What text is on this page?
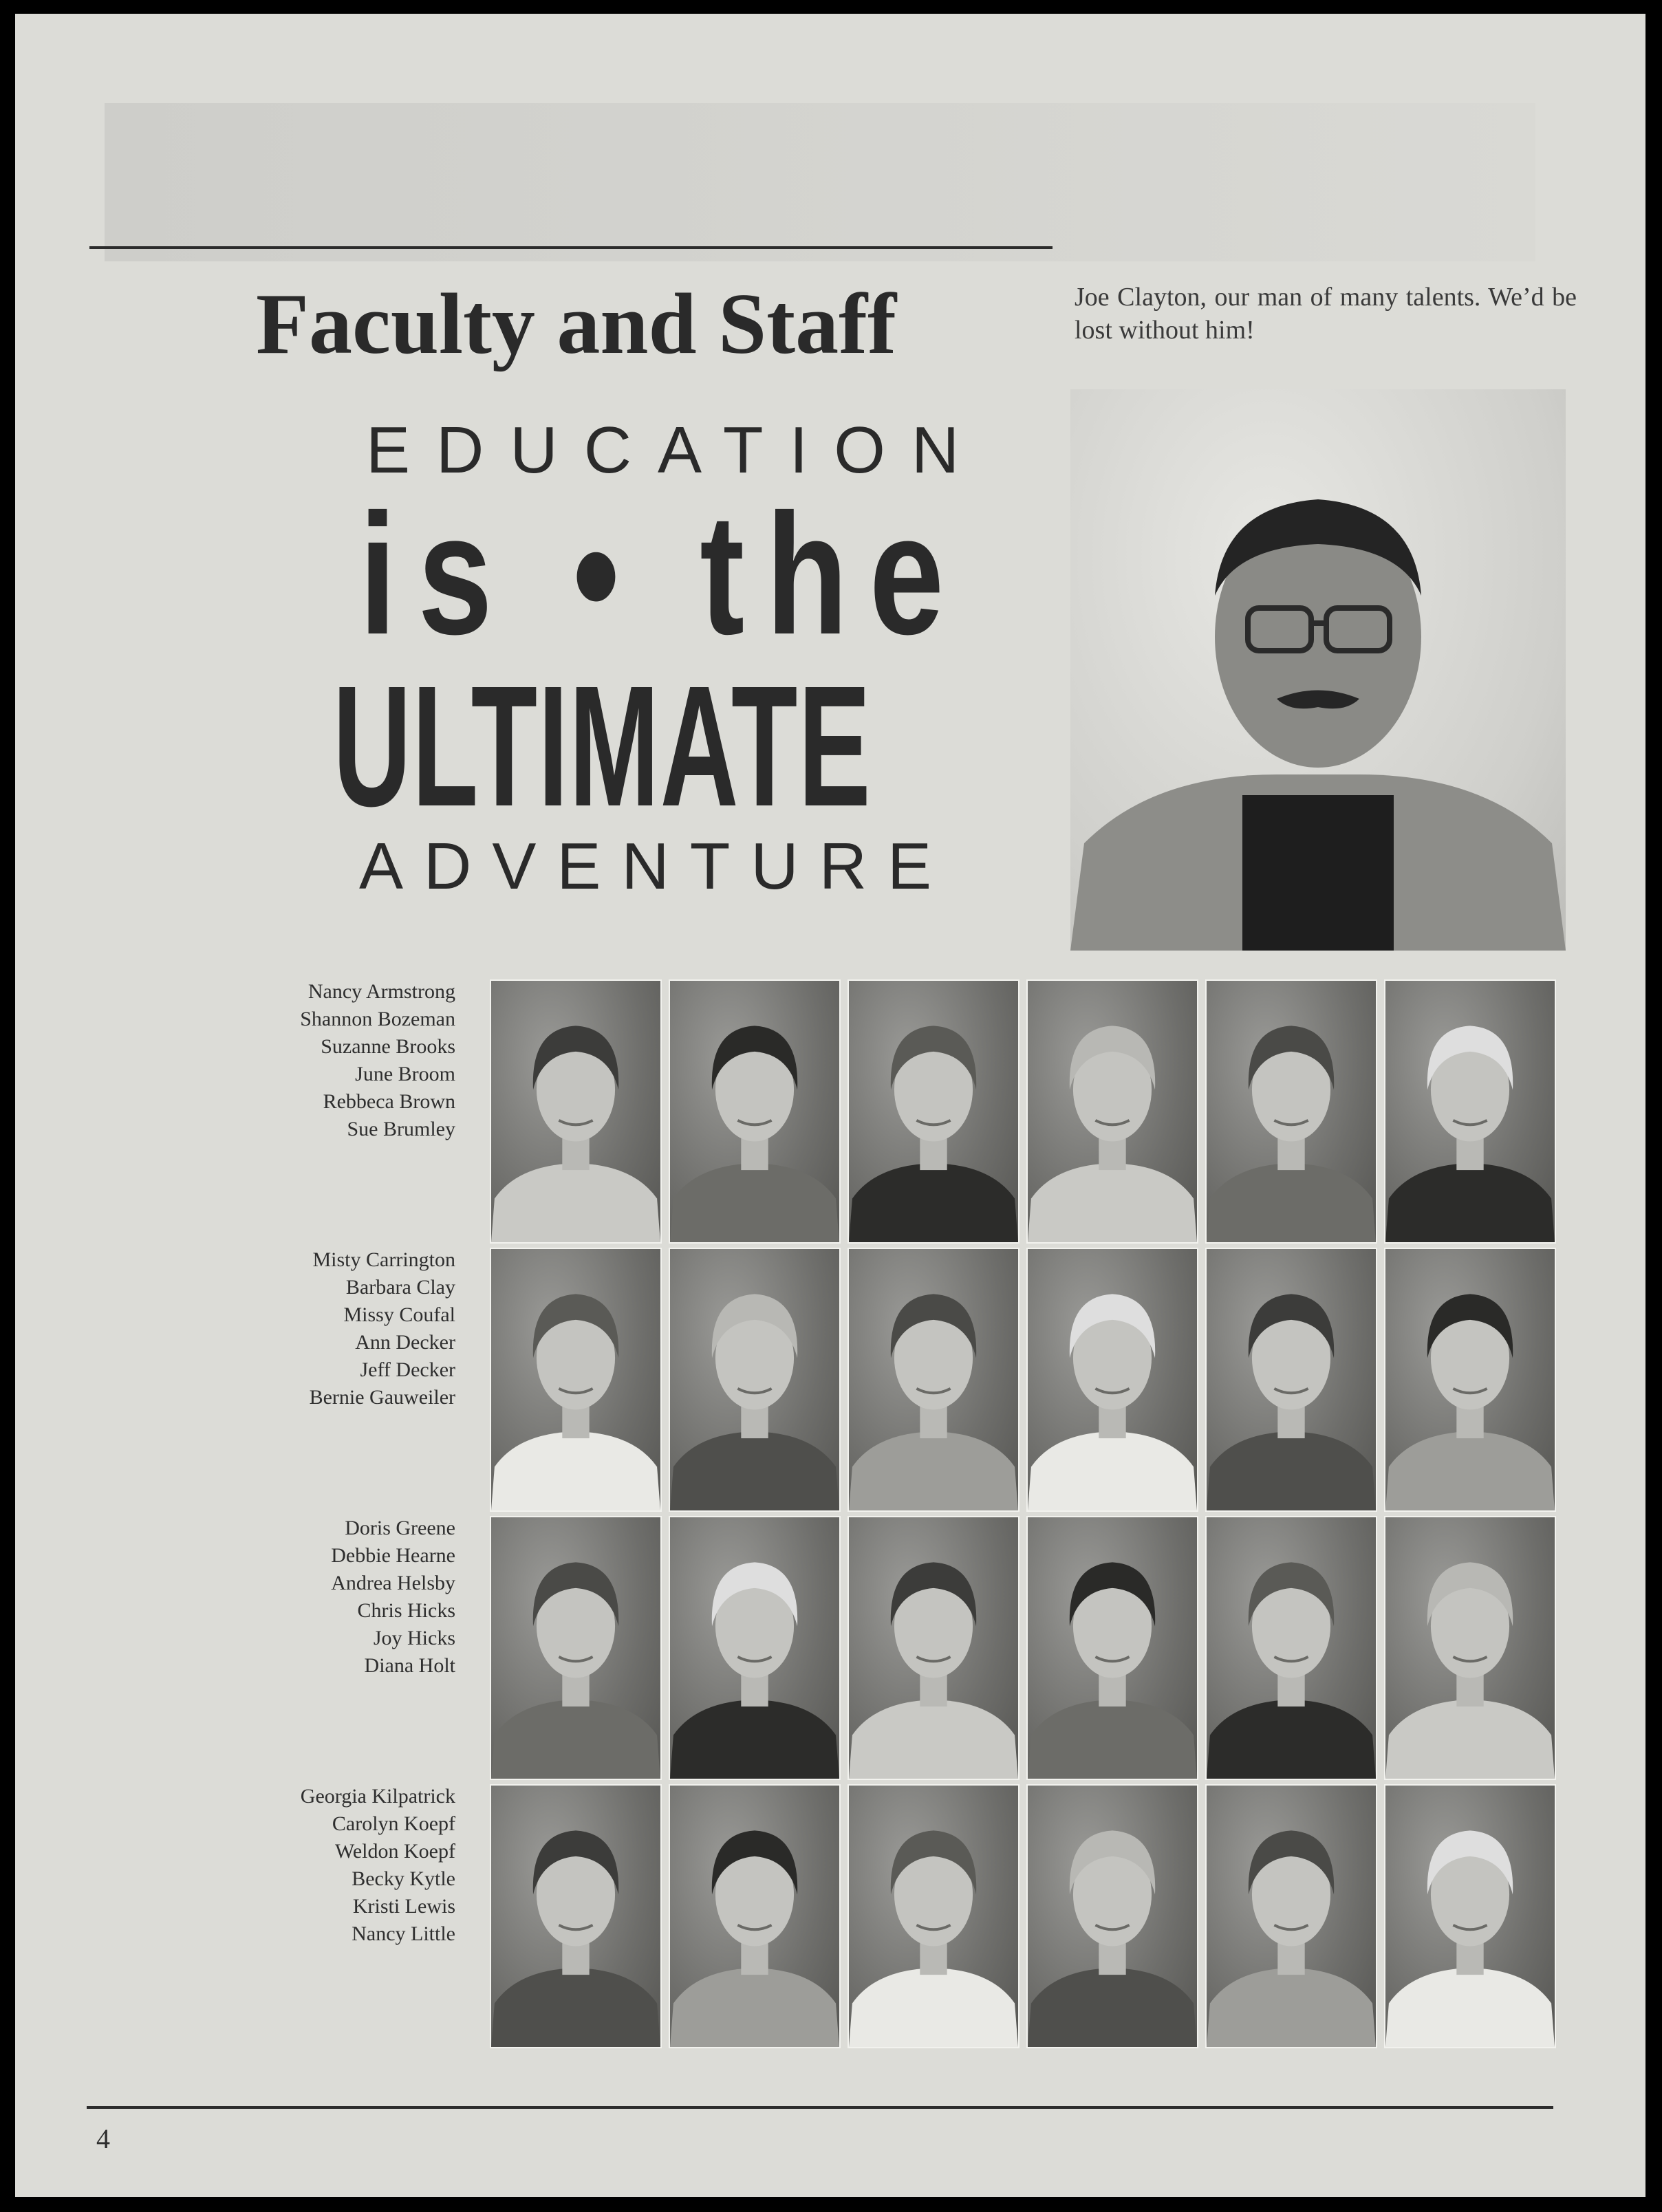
Faculty and Staff	Joe Clayton, our man of many talents. We’d be lost without him!
EDUCATION
is • the
ULTIMATE
ADVENTURE
Nancy Armstrong
Shannon Bozeman
Suzanne Brooks
June Broom
Rebbeca Brown
Sue Brumley
Misty Carrington
Barbara Clay
Missy Coufal
Ann Decker
Jeff Decker
Bernie Gauweiler
Doris Greene
Debbie Hearne
Andrea Helsby
Chris Hicks
Joy Hicks
Diana Holt
Georgia Kilpatrick
Carolyn Koepf
Weldon Koepf
Becky Kytle
Kristi Lewis
Nancy Little
4
